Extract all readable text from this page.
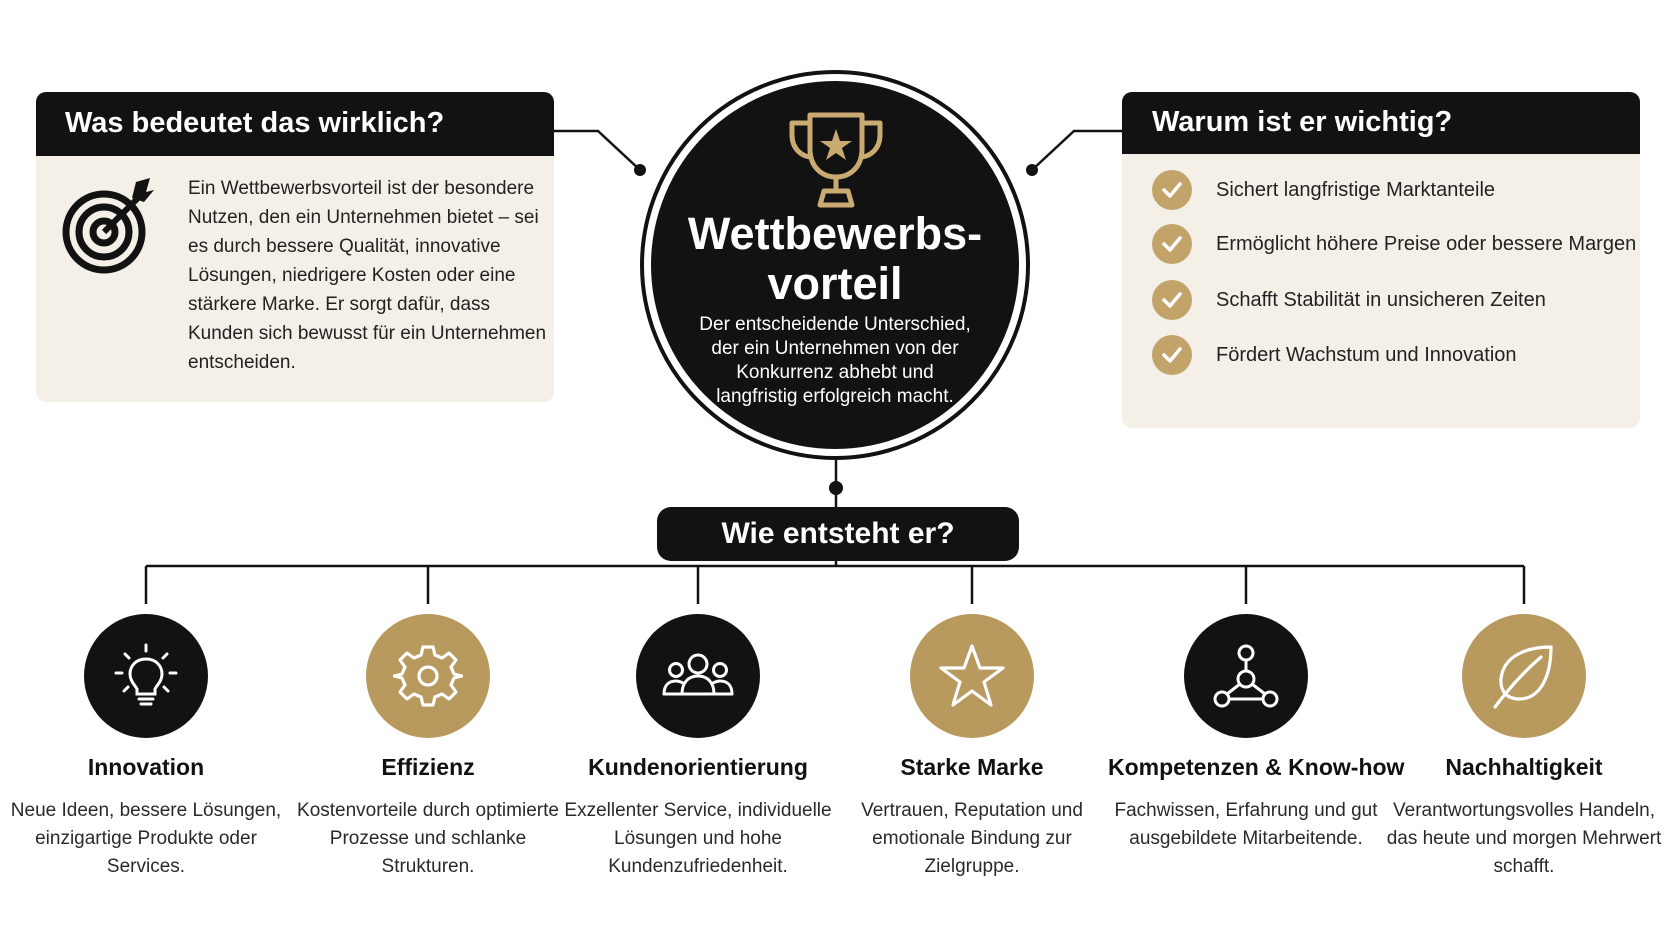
Was bedeutet das wirklich?
Ein Wettbewerbsvorteil ist der besondere Nutzen, den ein Unternehmen bietet – sei es durch bessere Qualität, innovative Lösungen, niedrigere Kosten oder eine stärkere Marke. Er sorgt dafür, dass Kunden sich bewusst für ein Unternehmen entscheiden.
Wettbewerbs-
vorteil
Der entscheidende Unterschied, der ein Unternehmen von der Konkurrenz abhebt und langfristig erfolgreich macht.
Warum ist er wichtig?
Sichert langfristige Marktanteile
Ermöglicht höhere Preise oder bessere Margen
Schafft Stabilität in unsicheren Zeiten
Fördert Wachstum und Innovation
Wie entsteht er?
Innovation
Neue Ideen, bessere Lösungen, einzigartige Produkte oder Services.
Effizienz
Kostenvorteile durch optimierte Prozesse und schlanke Strukturen.
Kundenorientierung
Exzellenter Service, individuelle Lösungen und hohe Kundenzufriedenheit.
Starke Marke
Vertrauen, Reputation und emotionale Bindung zur Zielgruppe.
Kompetenzen & Know-how
Fachwissen, Erfahrung und gut ausgebildete Mitarbeitende.
Nachhaltigkeit
Verantwortungsvolles Handeln, das heute und morgen Mehrwert schafft.
